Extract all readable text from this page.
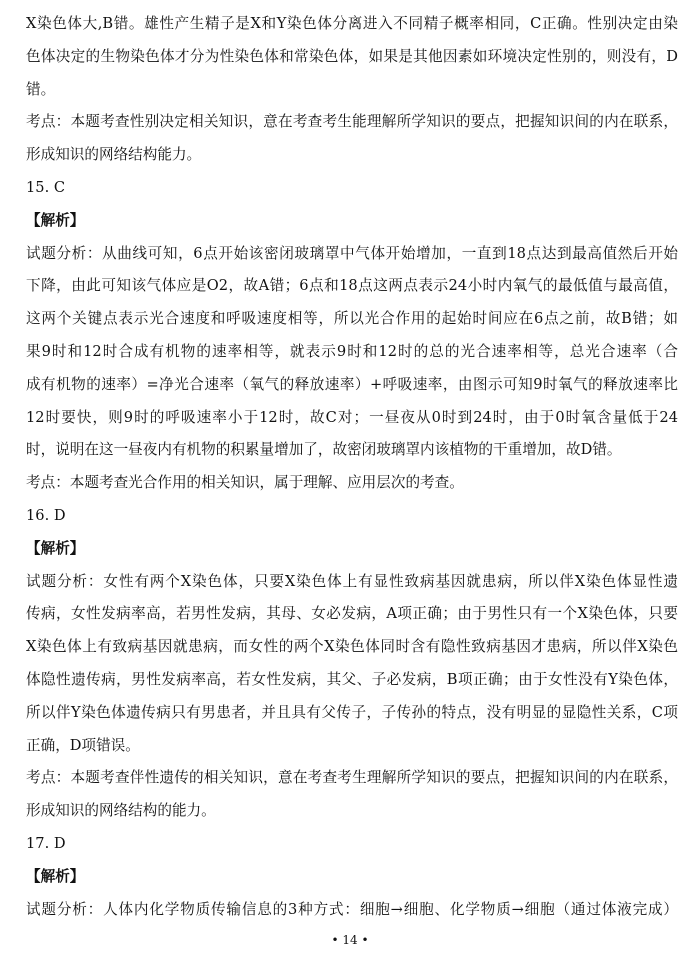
X染色体大,B错。雄性产生精子是X和Y染色体分离进入不同精子概率相同，C正确。性别决定由染
色体决定的生物染色体才分为性染色体和常染色体，如果是其他因素如环境决定性别的，则没有，D
错。
考点：本题考查性别决定相关知识，意在考查考生能理解所学知识的要点，把握知识间的内在联系，
形成知识的网络结构能力。
15. C
【解析】
试题分析：从曲线可知，6点开始该密闭玻璃罩中气体开始增加，一直到18点达到最高值然后开始
下降，由此可知该气体应是O2，故A错；6点和18点这两点表示24小时内氧气的最低值与最高值，
这两个关键点表示光合速度和呼吸速度相等，所以光合作用的起始时间应在6点之前，故B错；如
果9时和12时合成有机物的速率相等，就表示9时和12时的总的光合速率相等，总光合速率（合
成有机物的速率）=净光合速率（氧气的释放速率）+呼吸速率，由图示可知9时氧气的释放速率比
12时要快，则9时的呼吸速率小于12时，故C对；一昼夜从0时到24时，由于0时氧含量低于24
时，说明在这一昼夜内有机物的积累量增加了，故密闭玻璃罩内该植物的干重增加，故D错。
考点：本题考查光合作用的相关知识，属于理解、应用层次的考查。
16. D
【解析】
试题分析：女性有两个X染色体，只要X染色体上有显性致病基因就患病，所以伴X染色体显性遗
传病，女性发病率高，若男性发病，其母、女必发病，A项正确；由于男性只有一个X染色体，只要
X染色体上有致病基因就患病，而女性的两个X染色体同时含有隐性致病基因才患病，所以伴X染色
体隐性遗传病，男性发病率高，若女性发病，其父、子必发病，B项正确；由于女性没有Y染色体，
所以伴Y染色体遗传病只有男患者，并且具有父传子，子传孙的特点，没有明显的显隐性关系，C项
正确，D项错误。
考点：本题考查伴性遗传的相关知识，意在考查考生理解所学知识的要点，把握知识间的内在联系，
形成知识的网络结构的能力。
17. D
【解析】
试题分析：人体内化学物质传输信息的3种方式：细胞→细胞、化学物质→细胞（通过体液完成）
• 14 •
